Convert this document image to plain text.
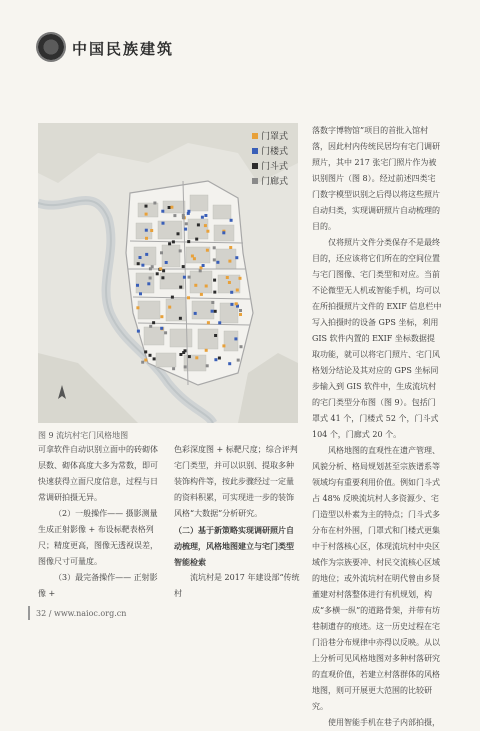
中国民族建筑
门罩式
门楼式
门斗式
门廊式
图 9 流坑村宅门风格地图

落数字博物馆”项目的首批入馆村落，因此村内传统民居均有宅门调研照片，其中 217 张宅门照片作为被识别图片（图 8）。经过前述四类宅门数字模型识别之后得以将这些照片自动归类，实现调研照片自动梳理的目的。

仅将照片文件分类保存不是最终目的，还应该将它们所在的空间位置与宅门图像、宅门类型和对应。当前不论微型无人机或智能手机，均可以在所拍摄照片文件的 EXIF 信息栏中写入拍摄时的设备 GPS 坐标，利用 GIS 软件内置的 EXIF 坐标数据提取功能，就可以将宅门照片、宅门风格划分结论及其对应的 GPS 坐标同步输入到 GIS 软件中，生成流坑村的宅门类型分布图（图 9）。包括门罩式 41 个，门楼式 52 个，门斗式 104 个，门廊式 20 个。

风格地图的直观性在遗产管理、风貌分析、格局规划甚至宗族谱系等领域均有重要利用价值。例如门斗式占 48% 反映流坑村人多资源少、宅门造型以朴素为主的特点；门斗式多分布在村外围，门罩式和门楼式更集中于村落核心区，体现流坑村中央区域作为宗族要冲、村民交流核心区域的地位；或外流坑村在明代曾由乡贤董建对村落整体进行有机规划，构成“多横一纵”的道路骨架，并带有坊巷制遗存的痕迹。这一历史过程在宅门沿巷分布规律中亦得以反映。从以上分析可见风格地图对多种村落研究的直观价值，若建立村落群体的风格地图，则可开展更大范围的比较研究。

使用智能手机在巷子内部拍摄，

可拿软件自动识别立面中的砖砌体层数、砌体高度大多为常数，即可快速获得立面尺度信息，过程与日常调研拍摄无异。

（2）一般操作—— 摄影测量生成正射影像 + 布设标靶表格列尺；精度更高，图像无透视误差，图像尺寸可量度。

（3）最完备操作—— 正射影像 +

色彩深度图 + 标靶尺度；综合评判宅门类型，并可以识别、提取多种装饰构件等，按此步骤经过一定量的资料积累，可实现进一步的装饰风格“大数据”分析研究。

（二）基于新策略实现调研照片自动梳理，风格地图建立与宅门类型智能检索

流坑村是 2017 年建设部“传统村

32 / www.naioc.org.cn
